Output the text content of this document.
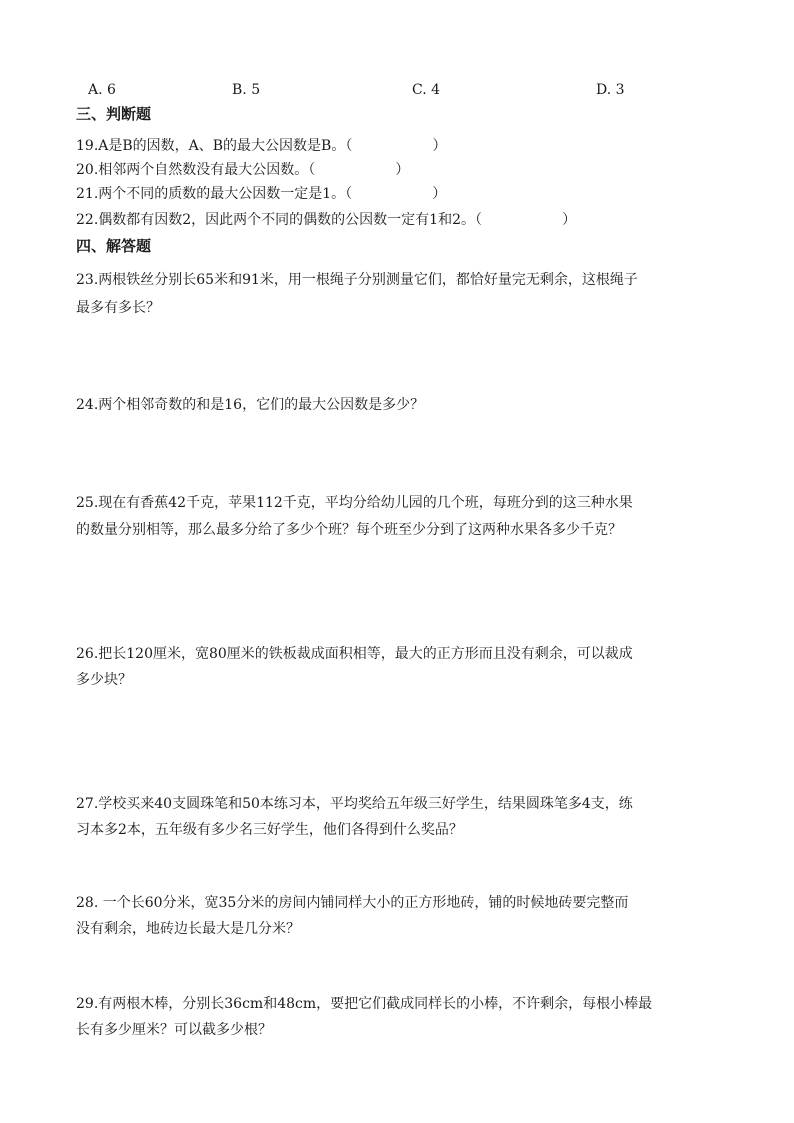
A. 6	B. 5	C. 4	D. 3
三、判断题
19.A是B的因数，A、B的最大公因数是B。（	）
20.相邻两个自然数没有最大公因数。（	）
21.两个不同的质数的最大公因数一定是1。（	）
22.偶数都有因数2，因此两个不同的偶数的公因数一定有1和2。（	）
四、解答题
23.两根铁丝分别长65米和91米，用一根绳子分别测量它们，都恰好量完无剩余，这根绳子
最多有多长？
24.两个相邻奇数的和是16，它们的最大公因数是多少？
25.现在有香蕉42千克，苹果112千克，平均分给幼儿园的几个班，每班分到的这三种水果
的数量分别相等，那么最多分给了多少个班？每个班至少分到了这两种水果各多少千克？
26.把长120厘米，宽80厘米的铁板裁成面积相等，最大的正方形而且没有剩余，可以裁成
多少块？
27.学校买来40支圆珠笔和50本练习本，平均奖给五年级三好学生，结果圆珠笔多4支，练
习本多2本，五年级有多少名三好学生，他们各得到什么奖品？
28. 一个长60分米，宽35分米的房间内铺同样大小的正方形地砖，铺的时候地砖要完整而
没有剩余，地砖边长最大是几分米？
29.有两根木棒，分别长36cm和48cm，要把它们截成同样长的小棒，不许剩余，每根小棒最
长有多少厘米？可以截多少根？
